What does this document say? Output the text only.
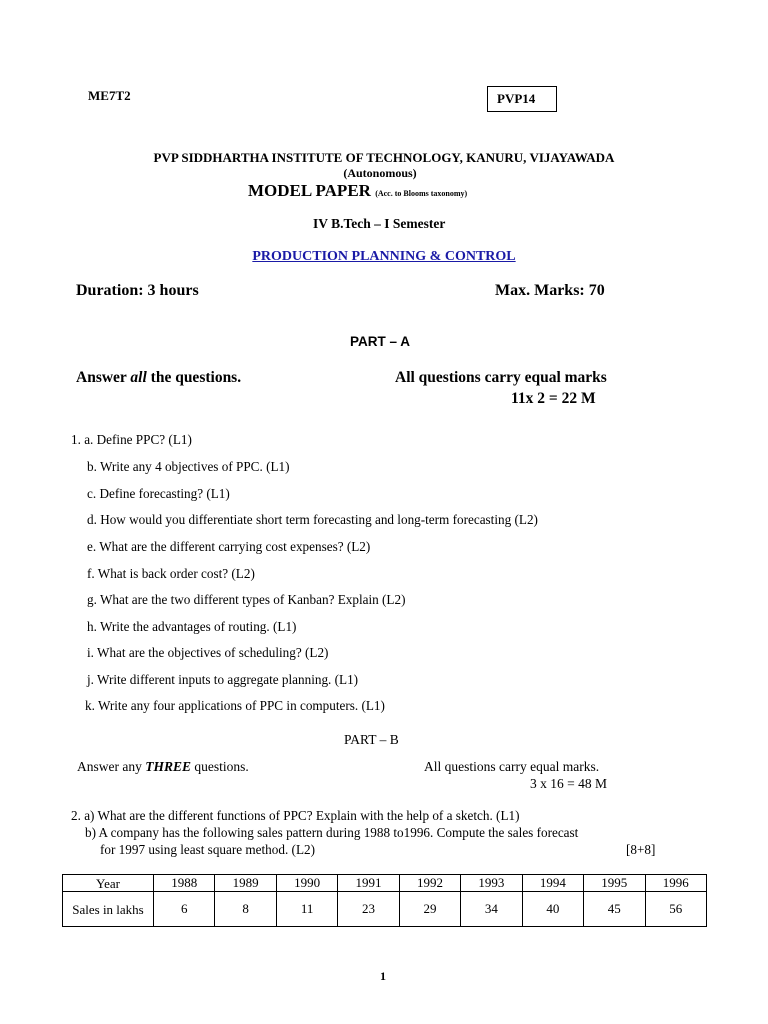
ME7T2	PVP14
PVP SIDDHARTHA INSTITUTE OF TECHNOLOGY, KANURU, VIJAYAWADA
(Autonomous)
MODEL PAPER (Acc. to Blooms taxonomy)
IV B.Tech – I Semester
PRODUCTION PLANNING & CONTROL
Duration: 3 hours	Max. Marks: 70
PART – A
Answer all the questions.	All questions carry equal marks
11x 2 = 22 M
1. a. Define PPC? (L1)
b. Write any 4 objectives of PPC. (L1)
c. Define forecasting? (L1)
d. How would you differentiate short term forecasting and long-term forecasting (L2)
e. What are the different carrying cost expenses? (L2)
f. What is back order cost? (L2)
g. What are the two different types of Kanban? Explain (L2)
h. Write the advantages of routing. (L1)
i. What are the objectives of scheduling? (L2)
j. Write different inputs to aggregate planning. (L1)
k. Write any four applications of PPC in computers. (L1)
PART – B
Answer any THREE questions.	All questions carry equal marks.
3 x 16 = 48 M
2. a) What are the different functions of PPC? Explain with the help of a sketch. (L1)
b) A company has the following sales pattern during 1988 to1996. Compute the sales forecast
for 1997 using least square method. (L2)	[8+8]
Year	1988	1989	1990	1991	1992	1993	1994	1995	1996
Sales in lakhs	6	8	11	23	29	34	40	45	56
1
